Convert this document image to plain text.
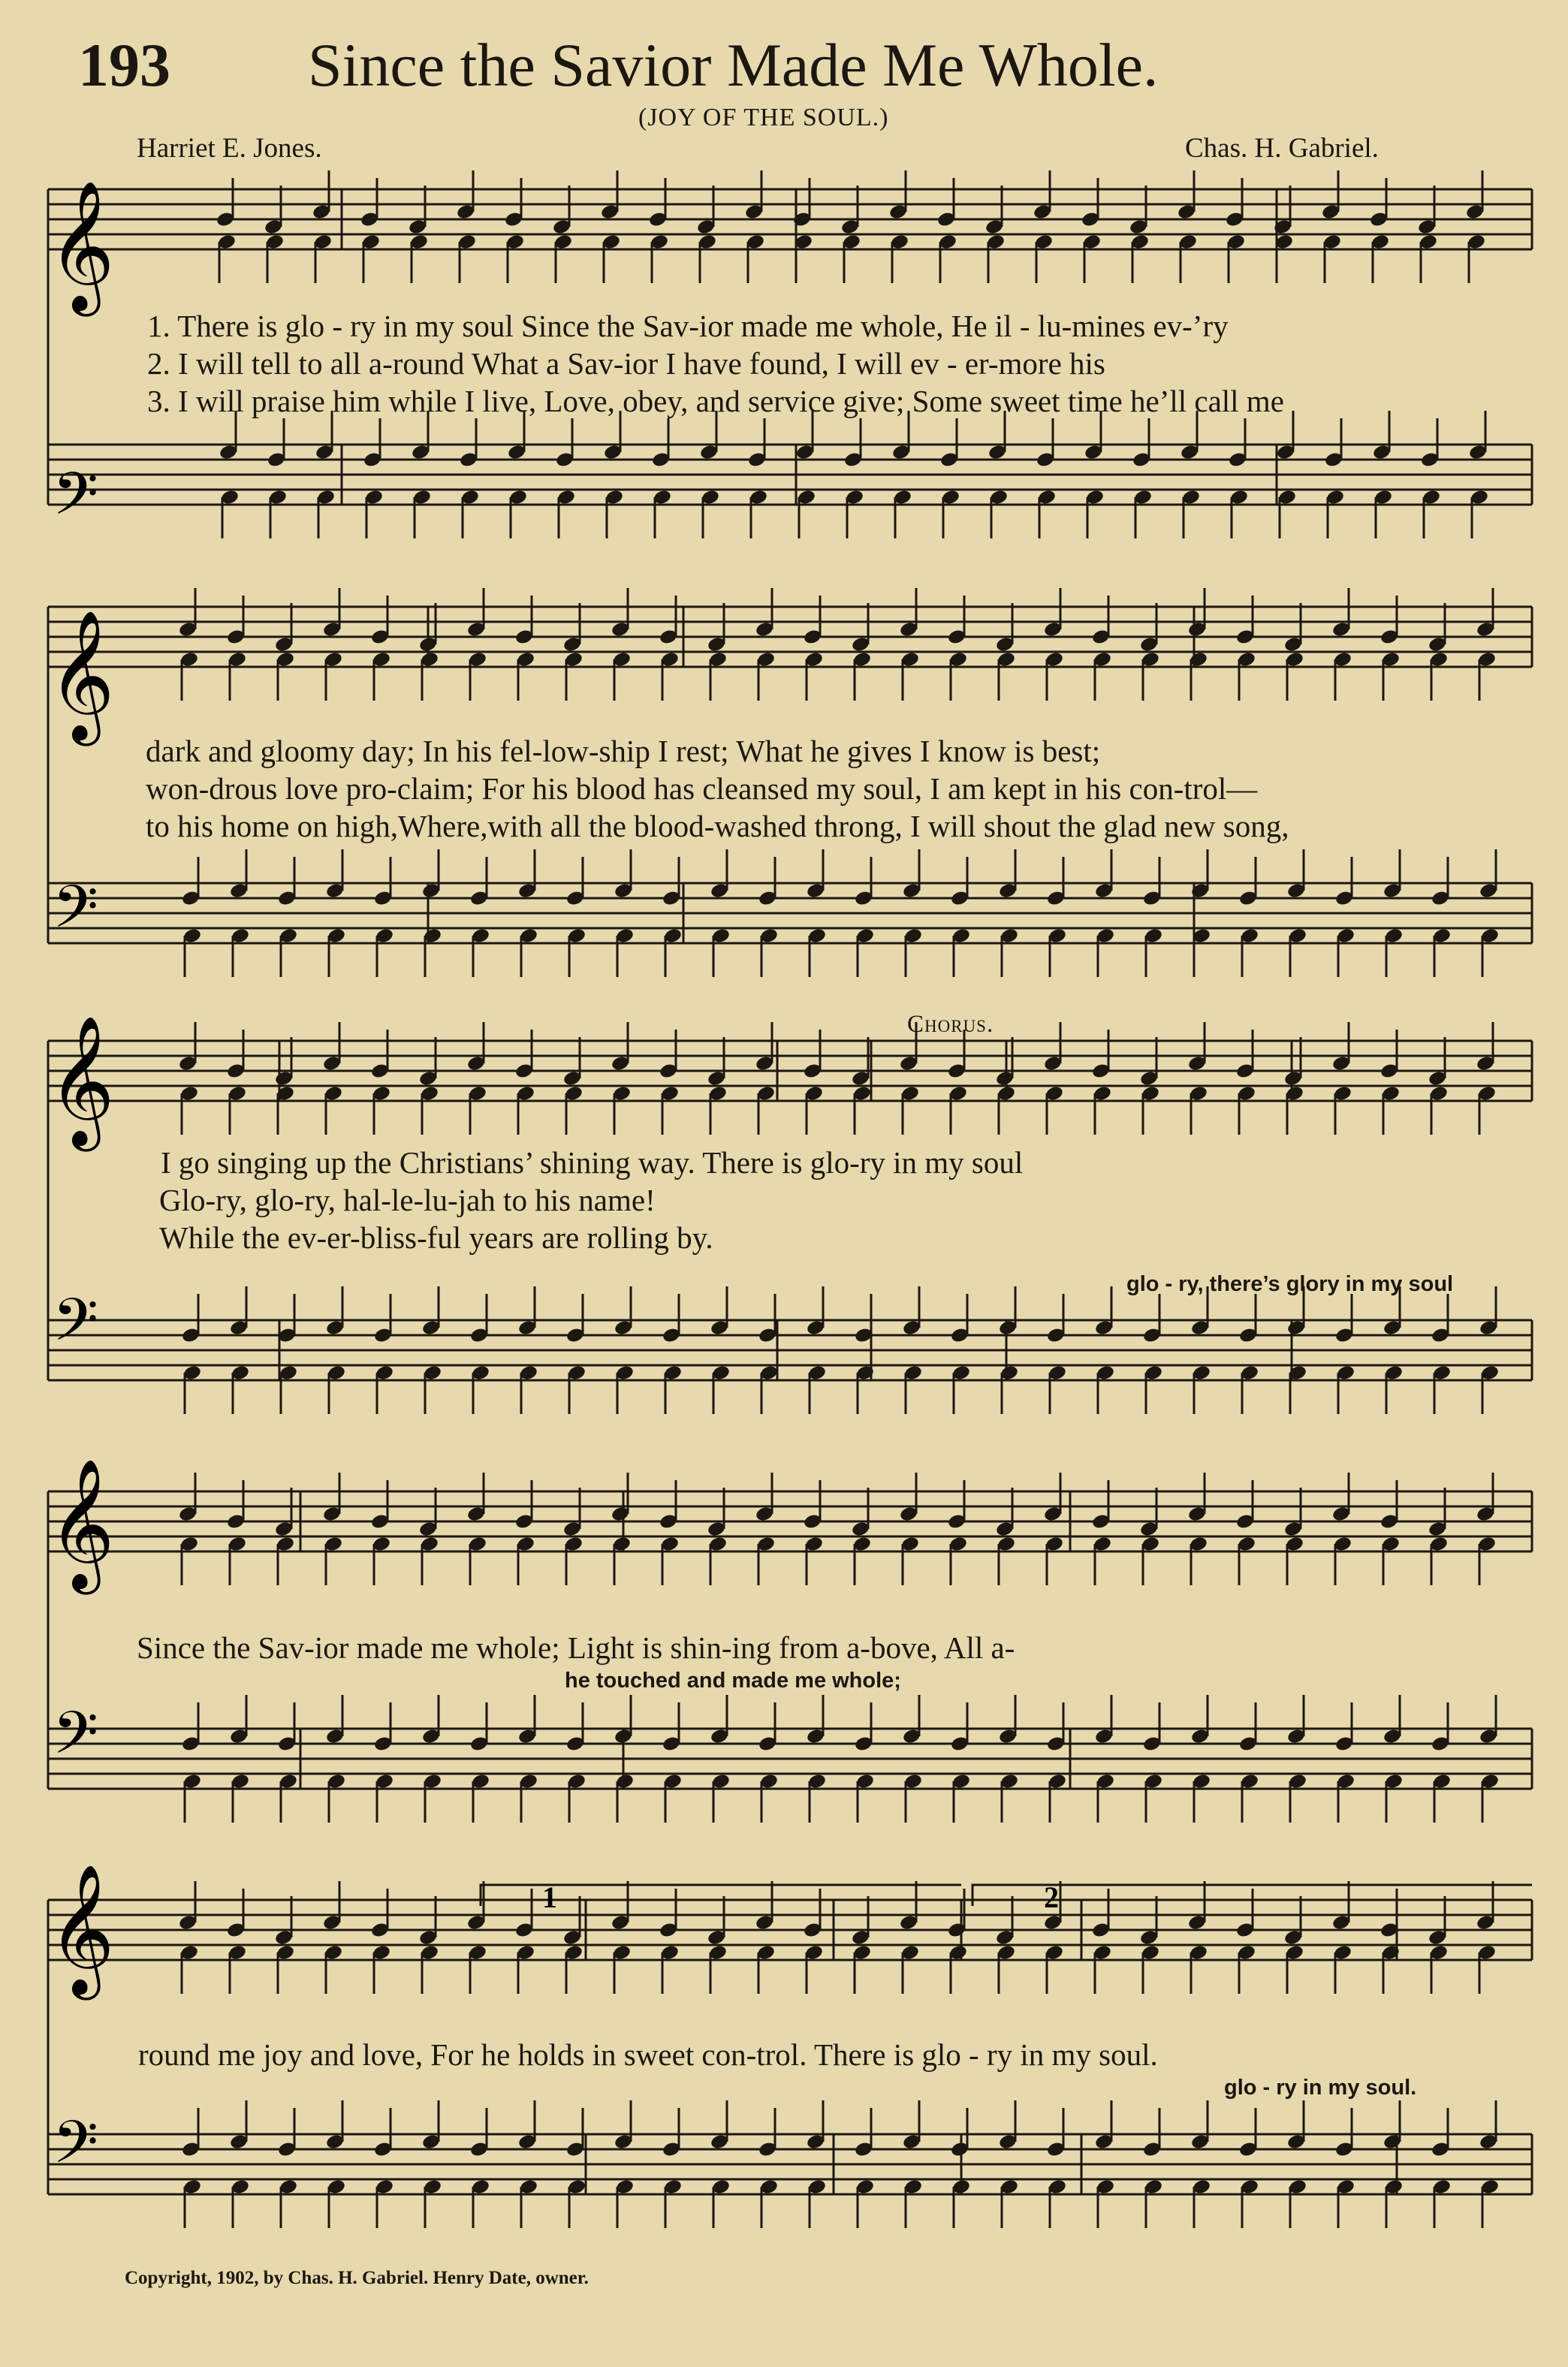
193 Since the Savior Made Me Whole.
(JOY OF THE SOUL.)
Harriet E. Jones.	Chas. H. Gabriel.
𝄞
𝄞
𝄞
𝄞
𝄞
𝄢
𝄢
𝄢
𝄢
𝄢
1	2
1. There is glo - ry in my soul Since the Sav-ior made me whole, He il - lu-mines ev-’ry
2. I will tell to all a-round What a Sav-ior I have found, I will ev - er-more his
3. I will praise him while I live, Love, obey, and service give; Some sweet time he’ll call me
dark and gloomy day; In his fel-low-ship I rest; What he gives I know is best;
won-drous love pro-claim; For his blood has cleansed my soul, I am kept in his con-trol—
to his home on high,Where,with all the blood-washed throng, I will shout the glad new song,
Chorus.
I go singing up the Christians’ shining way. There is glo-ry in my soul
Glo-ry, glo-ry, hal-le-lu-jah to his name!
While the ev-er-bliss-ful years are rolling by.
glo - ry, there’s glory in my soul
Since the Sav-ior made me whole; Light is shin-ing from a-bove, All a-
he touched and made me whole;
round me joy and love, For he holds in sweet con-trol. There is glo - ry in my soul.
glo - ry in my soul.
Copyright, 1902, by Chas. H. Gabriel. Henry Date, owner.
